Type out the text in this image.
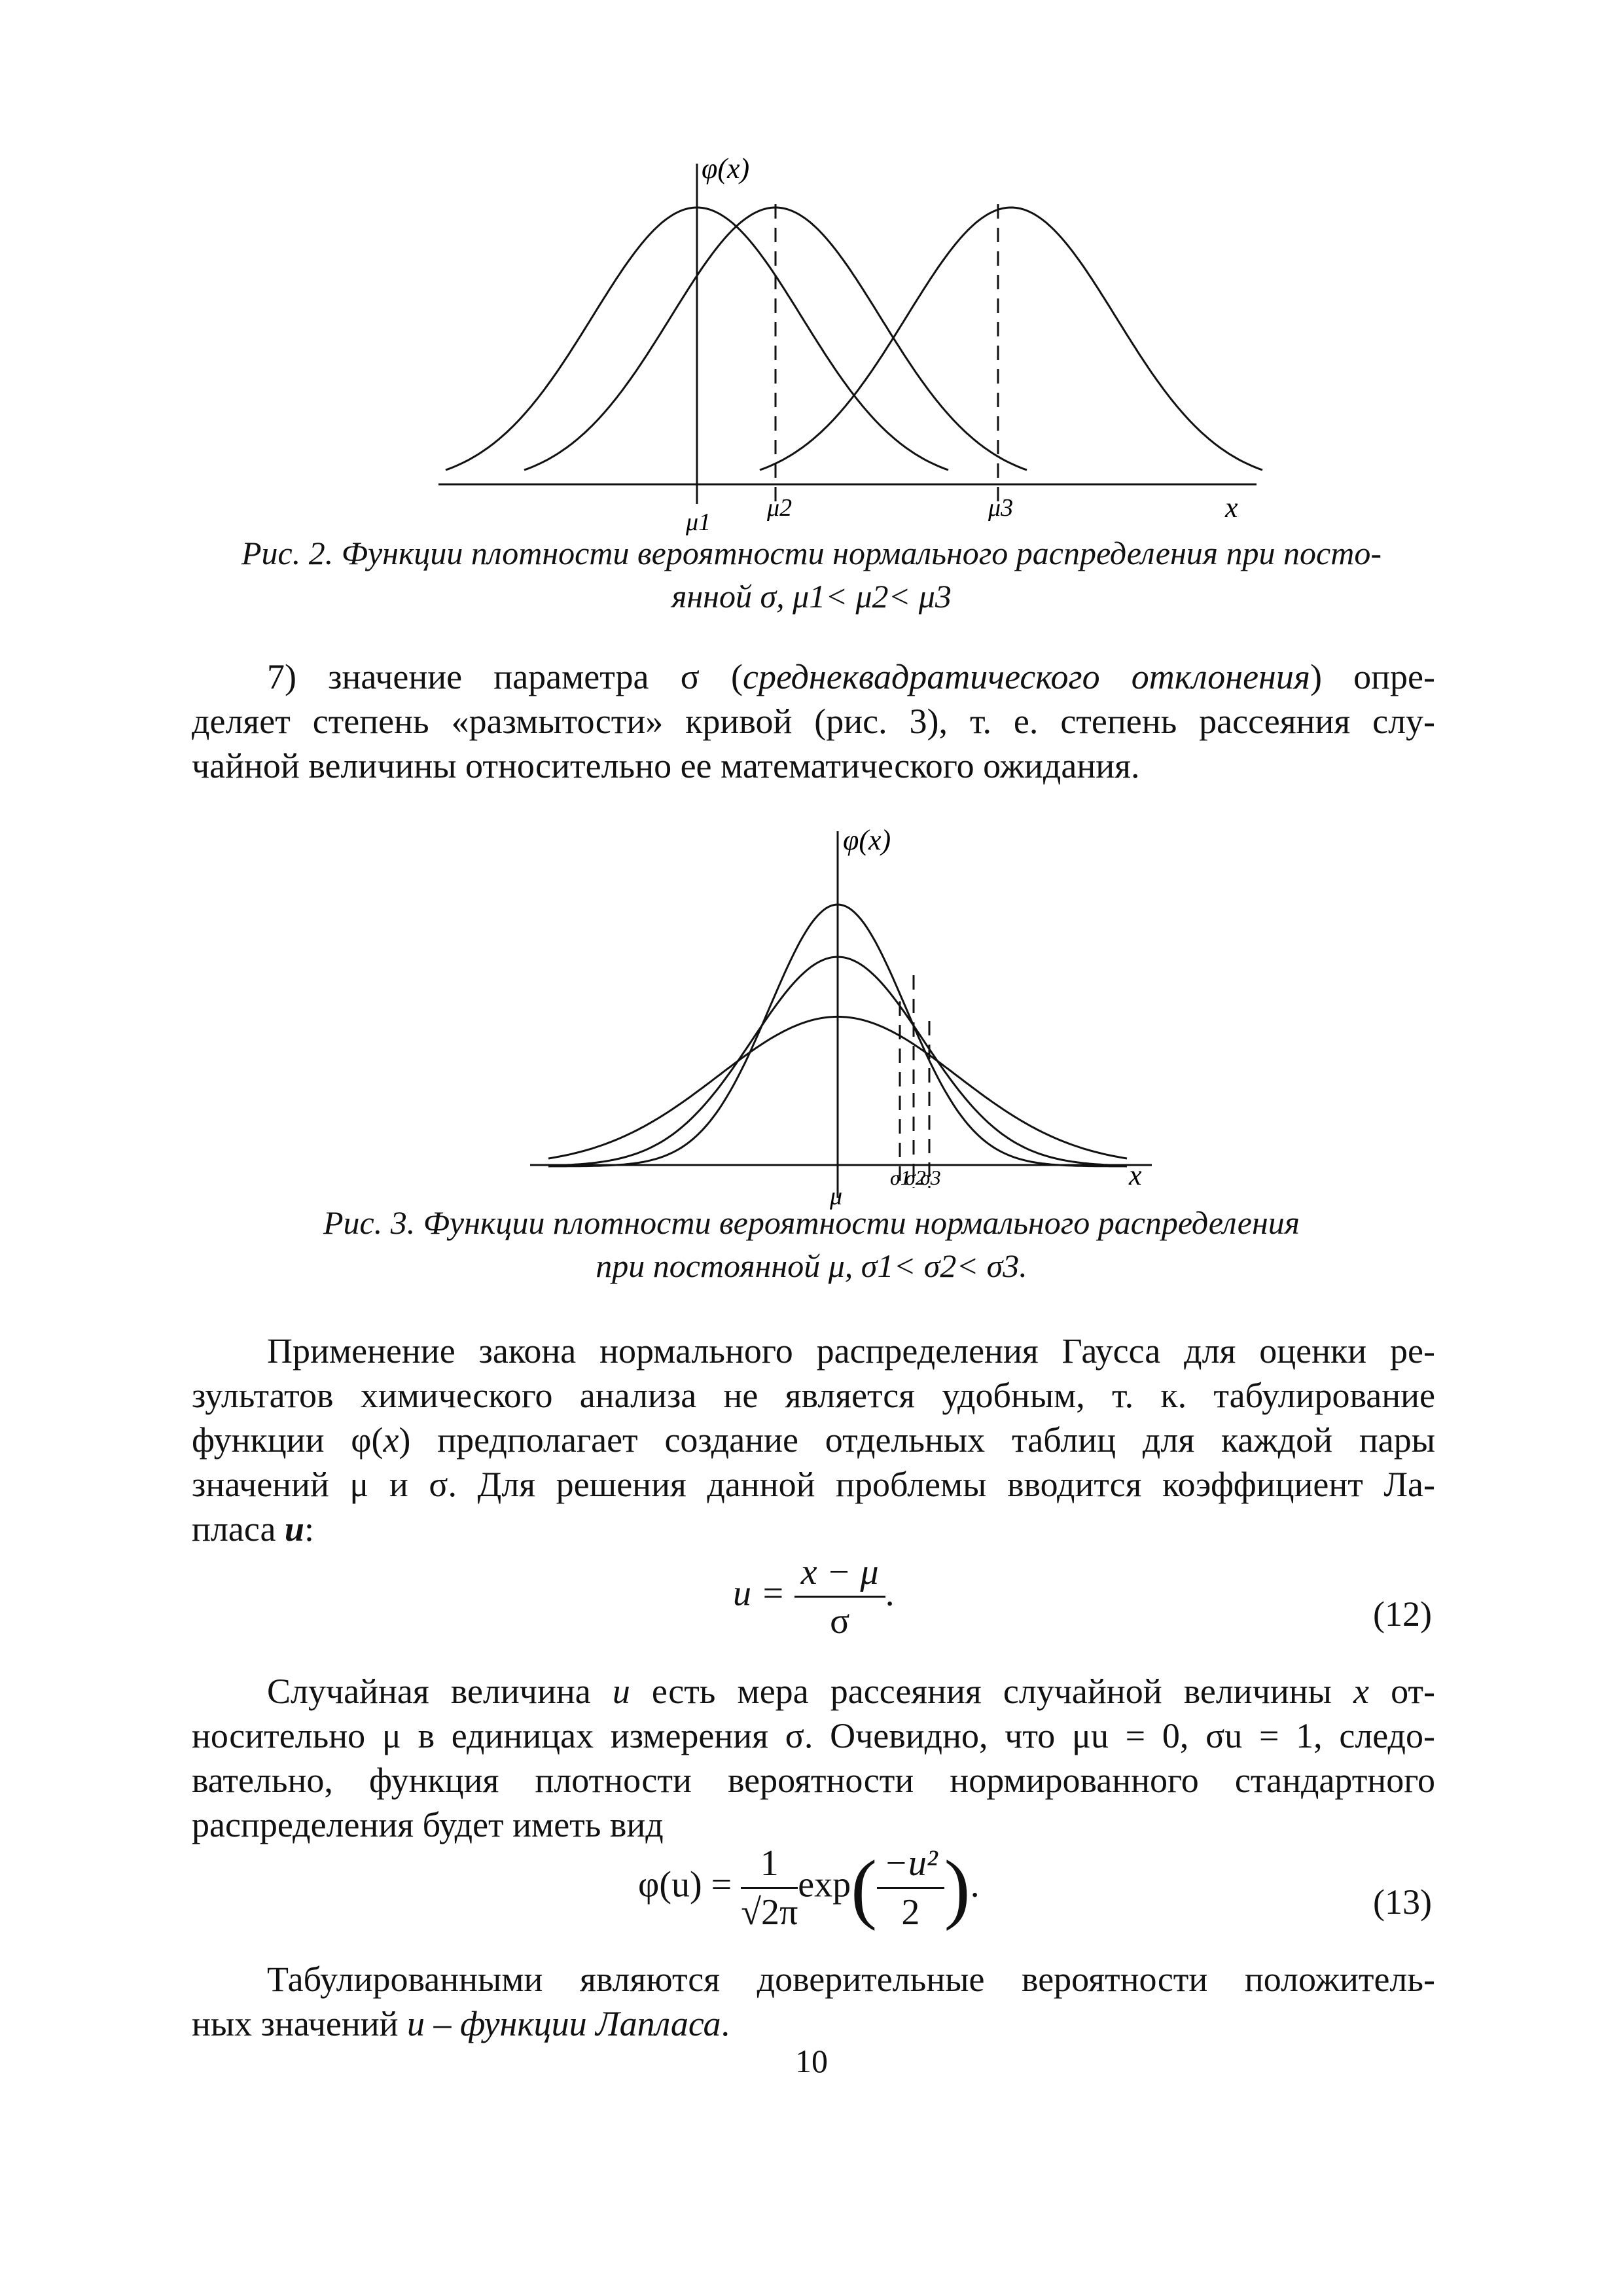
φ(x)
x
μ1
μ2	μ3
Рис. 2. Функции плотности вероятности нормального распределения при посто-
янной σ, μ1< μ2< μ3
7) значение параметра σ (среднеквадратического отклонения) опре-
деляет степень «размытости» кривой (рис. 3), т. е. степень рассеяния слу-
чайной величины относительно ее математического ожидания.
φ(x)
x
μ
σ1
σ2
σ3
Рис. 3. Функции плотности вероятности нормального распределения
при постоянной μ, σ1< σ2< σ3.
Применение закона нормального распределения Гаусса для оценки ре-
зультатов химического анализа не является удобным, т. к. табулирование
функции φ(x) предполагает создание отдельных таблиц для каждой пары
значений μ и σ. Для решения данной проблемы вводится коэффициент Ла-
пласа u:
$u = \frac{x - \mu}{\sigma}$ .
(12)
Случайная величина u есть мера рассеяния случайной величины x от-
носительно μ в единицах измерения σ. Очевидно, что μu = 0, σu = 1, следо-
вательно, функция плотности вероятности нормированного стандартного
распределения будет иметь вид
$\varphi(u) = \frac{1}{√2\pi} \exp( \frac{\text{−u²}}{2}$ ).	(13)
Табулированными являются доверительные вероятности положитель-
ных значений u – функции Лапласа.
10
